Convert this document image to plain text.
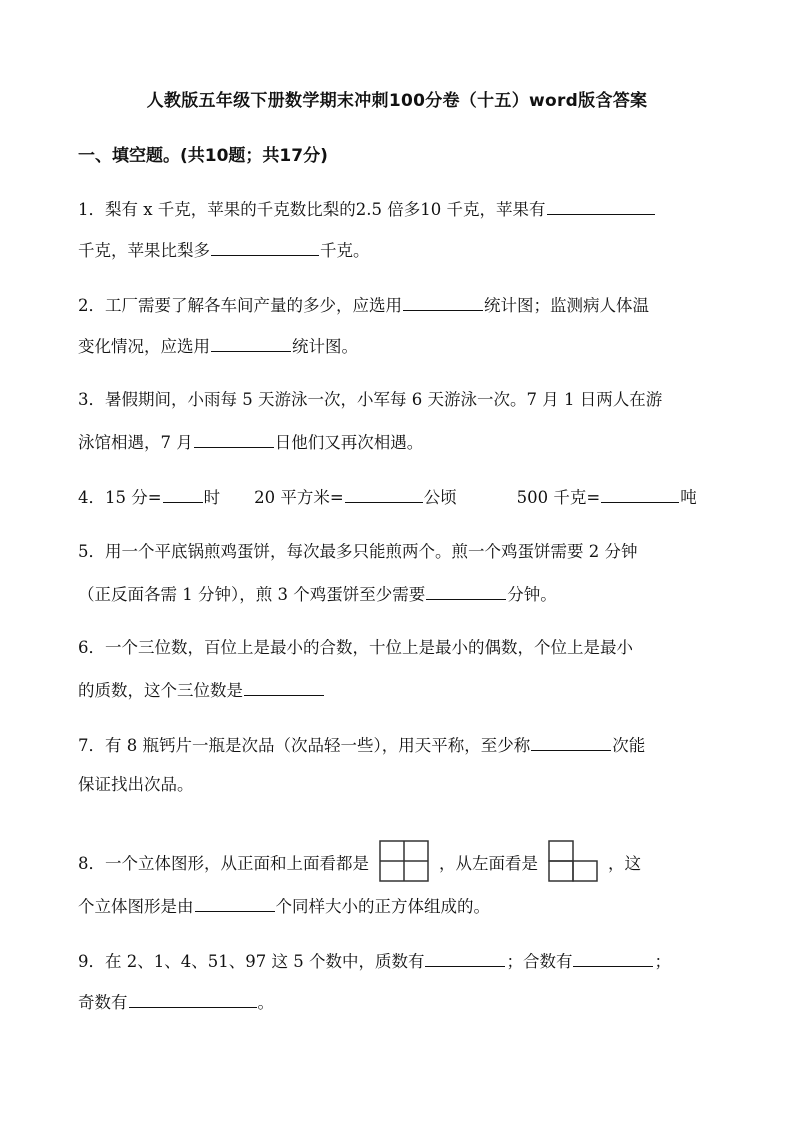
人教版五年级下册数学期末冲刺100分卷（十五）word版含答案
一、填空题。(共10题；共17分)
1．梨有 x 千克，苹果的千克数比梨的2.5 倍多10 千克，苹果有
千克，苹果比梨多	千克。
2．工厂需要了解各车间产量的多少，应选用	统计图；监测病人体温
变化情况，应选用	统计图。
3．暑假期间，小雨每 5 天游泳一次，小军每 6 天游泳一次。7 月 1 日两人在游
泳馆相遇，7 月	日他们又再次相遇。
4．15 分=	时 20 平方米=	公顷	500 千克=	吨
5．用一个平底锅煎鸡蛋饼，每次最多只能煎两个。煎一个鸡蛋饼需要 2 分钟
（正反面各需 1 分钟），煎 3 个鸡蛋饼至少需要	分钟。
6．一个三位数，百位上是最小的合数，十位上是最小的偶数，个位上是最小
的质数，这个三位数是
7．有 8 瓶钙片一瓶是次品（次品轻一些），用天平称，至少称	次能
保证找出次品。
8．一个立体图形，从正面和上面看都是	，从左面看是	，这
个立体图形是由	个同样大小的正方体组成的。
9．在 2、1、4、51、97 这 5 个数中，质数有	；合数有	；
奇数有	。
